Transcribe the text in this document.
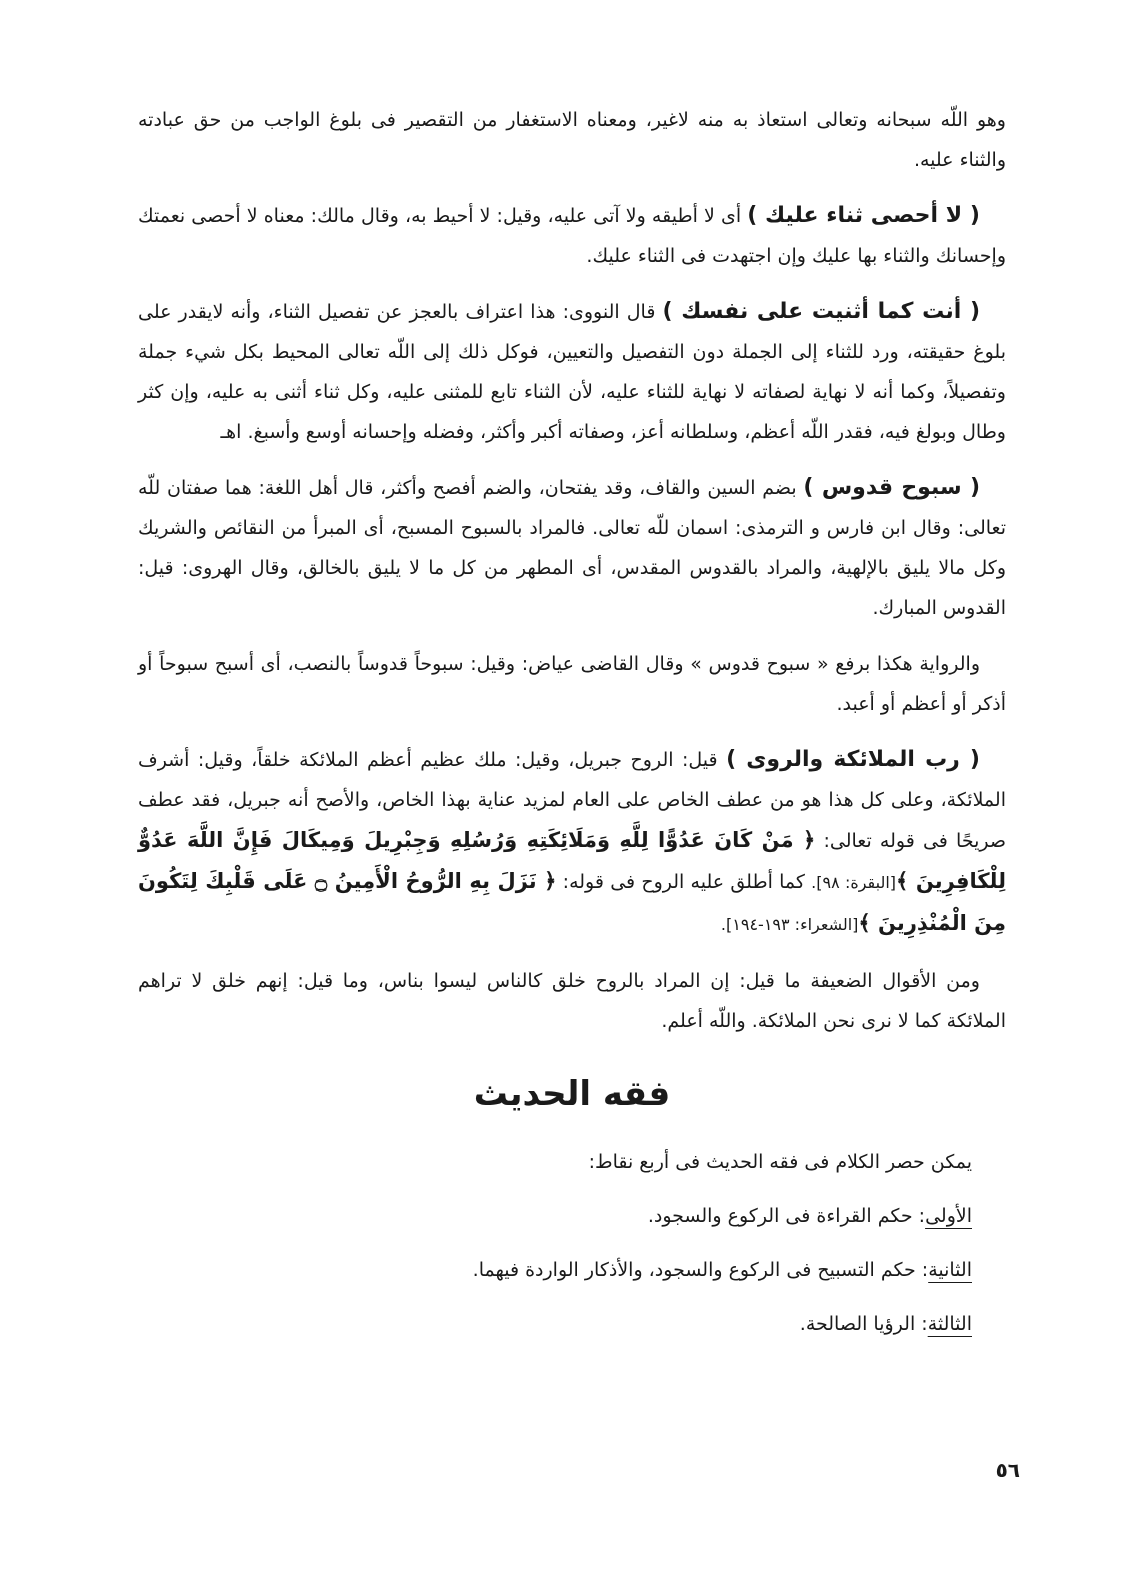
وهو اللّه سبحانه وتعالى استعاذ به منه لاغير، ومعناه الاستغفار من التقصير فى بلوغ الواجب من حق عبادته والثناء عليه.

( لا أحصى ثناء عليك ) أى لا أطيقه ولا آتى عليه، وقيل: لا أحيط به، وقال مالك: معناه لا أحصى نعمتك وإحسانك والثناء بها عليك وإن اجتهدت فى الثناء عليك.

( أنت كما أثنيت على نفسك ) قال النووى: هذا اعتراف بالعجز عن تفصيل الثناء، وأنه لايقدر على بلوغ حقيقته، ورد للثناء إلى الجملة دون التفصيل والتعيين، فوكل ذلك إلى اللّه تعالى المحيط بكل شيء جملة وتفصيلاً، وكما أنه لا نهاية لصفاته لا نهاية للثناء عليه، لأن الثناء تابع للمثنى عليه، وكل ثناء أثنى به عليه، وإن كثر وطال وبولغ فيه، فقدر اللّه أعظم، وسلطانه أعز، وصفاته أكبر وأكثر، وفضله وإحسانه أوسع وأسبغ. اهـ

( سبوح قدوس ) بضم السين والقاف، وقد يفتحان، والضم أفصح وأكثر، قال أهل اللغة: هما صفتان للّه تعالى: وقال ابن فارس و الترمذى: اسمان للّه تعالى. فالمراد بالسبوح المسبح، أى المبرأ من النقائص والشريك وكل مالا يليق بالإلهية، والمراد بالقدوس المقدس، أى المطهر من كل ما لا يليق بالخالق، وقال الهروى: قيل: القدوس المبارك.

والرواية هكذا برفع « سبوح قدوس » وقال القاضى عياض: وقيل: سبوحاً قدوساً بالنصب، أى أسبح سبوحاً أو أذكر أو أعظم أو أعبد.

( رب الملائكة والروى ) قيل: الروح جبريل، وقيل: ملك عظيم أعظم الملائكة خلقاً، وقيل: أشرف الملائكة، وعلى كل هذا هو من عطف الخاص على العام لمزيد عناية بهذا الخاص، والأصح أنه جبريل، فقد عطف صريحًا فى قوله تعالى: ﴿ مَنْ كَانَ عَدُوًّا لِلَّهِ وَمَلَائِكَتِهِ وَرُسُلِهِ وَجِبْرِيلَ وَمِيكَالَ فَإِنَّ اللَّهَ عَدُوٌّ لِلْكَافِرِينَ ﴾[البقرة: ٩٨]. كما أطلق عليه الروح فى قوله: ﴿ نَزَلَ بِهِ الرُّوحُ الْأَمِينُ ۝ عَلَى قَلْبِكَ لِتَكُونَ مِنَ الْمُنْذِرِينَ ﴾[الشعراء: ١٩٣-١٩٤].

ومن الأقوال الضعيفة ما قيل: إن المراد بالروح خلق كالناس ليسوا بناس، وما قيل: إنهم خلق لا تراهم الملائكة كما لا نرى نحن الملائكة. واللّه أعلم.

فقه الحديث

يمكن حصر الكلام فى فقه الحديث فى أربع نقاط:

الأولى: حكم القراءة فى الركوع والسجود.

الثانية: حكم التسبيح فى الركوع والسجود، والأذكار الواردة فيهما.

الثالثة: الرؤيا الصالحة.

٥٦
